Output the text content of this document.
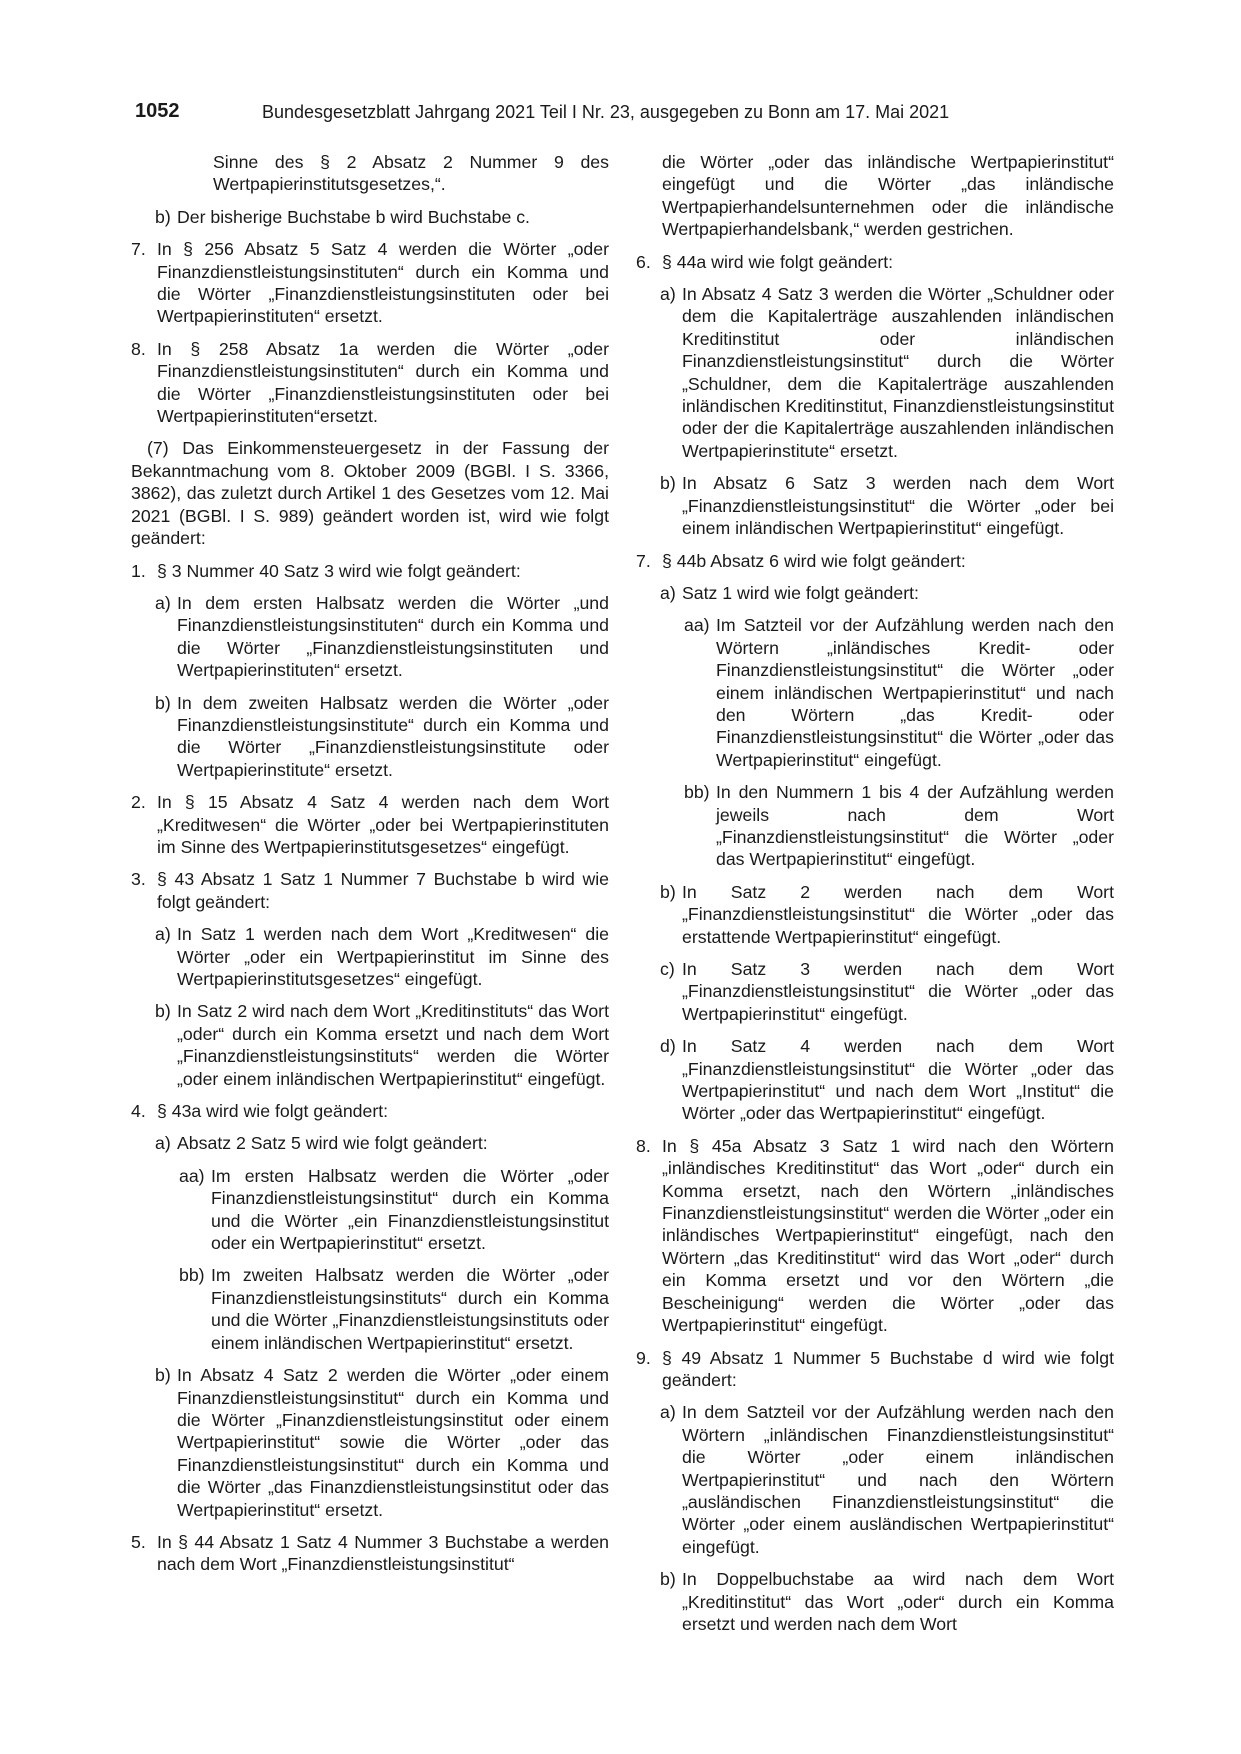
1052	Bundesgesetzblatt Jahrgang 2021 Teil I Nr. 23, ausgegeben zu Bonn am 17. Mai 2021
Sinne des § 2 Absatz 2 Nummer 9 des Wertpapierinstitutsgesetzes,“.
b) Der bisherige Buchstabe b wird Buchstabe c.
7. In § 256 Absatz 5 Satz 4 werden die Wörter „oder Finanzdienstleistungsinstituten“ durch ein Komma und die Wörter „Finanzdienstleistungsinstituten oder bei Wertpapierinstituten“ ersetzt.
8. In § 258 Absatz 1a werden die Wörter „oder Finanzdienstleistungsinstituten“ durch ein Komma und die Wörter „Finanzdienstleistungsinstituten oder bei Wertpapierinstituten“ersetzt.
(7) Das Einkommensteuergesetz in der Fassung der Bekanntmachung vom 8. Oktober 2009 (BGBl. I S. 3366, 3862), das zuletzt durch Artikel 1 des Gesetzes vom 12. Mai 2021 (BGBl. I S. 989) geändert worden ist, wird wie folgt geändert:
1. § 3 Nummer 40 Satz 3 wird wie folgt geändert:
a) In dem ersten Halbsatz werden die Wörter „und Finanzdienstleistungsinstituten“ durch ein Komma und die Wörter „Finanzdienstleistungsinstituten und Wertpapierinstituten“ ersetzt.
b) In dem zweiten Halbsatz werden die Wörter „oder Finanzdienstleistungsinstitute“ durch ein Komma und die Wörter „Finanzdienstleistungsinstitute oder Wertpapierinstitute“ ersetzt.
2. In § 15 Absatz 4 Satz 4 werden nach dem Wort „Kreditwesen“ die Wörter „oder bei Wertpapierinstituten im Sinne des Wertpapierinstitutsgesetzes“ eingefügt.
3. § 43 Absatz 1 Satz 1 Nummer 7 Buchstabe b wird wie folgt geändert:
a) In Satz 1 werden nach dem Wort „Kreditwesen“ die Wörter „oder ein Wertpapierinstitut im Sinne des Wertpapierinstitutsgesetzes“ eingefügt.
b) In Satz 2 wird nach dem Wort „Kreditinstituts“ das Wort „oder“ durch ein Komma ersetzt und nach dem Wort „Finanzdienstleistungsinstituts“ werden die Wörter „oder einem inländischen Wertpapierinstitut“ eingefügt.
4. § 43a wird wie folgt geändert:
a) Absatz 2 Satz 5 wird wie folgt geändert:
aa) Im ersten Halbsatz werden die Wörter „oder Finanzdienstleistungsinstitut“ durch ein Komma und die Wörter „ein Finanzdienstleistungsinstitut oder ein Wertpapierinstitut“ ersetzt.
bb) Im zweiten Halbsatz werden die Wörter „oder Finanzdienstleistungsinstituts“ durch ein Komma und die Wörter „Finanzdienstleistungsinstituts oder einem inländischen Wertpapierinstitut“ ersetzt.
b) In Absatz 4 Satz 2 werden die Wörter „oder einem Finanzdienstleistungsinstitut“ durch ein Komma und die Wörter „Finanzdienstleistungsinstitut oder einem Wertpapierinstitut“ sowie die Wörter „oder das Finanzdienstleistungsinstitut“ durch ein Komma und die Wörter „das Finanzdienstleistungsinstitut oder das Wertpapierinstitut“ ersetzt.
5. In § 44 Absatz 1 Satz 4 Nummer 3 Buchstabe a werden nach dem Wort „Finanzdienstleistungsinstitut“
die Wörter „oder das inländische Wertpapierinstitut“ eingefügt und die Wörter „das inländische Wertpapierhandelsunternehmen oder die inländische Wertpapierhandelsbank,“ werden gestrichen.
6. § 44a wird wie folgt geändert:
a) In Absatz 4 Satz 3 werden die Wörter „Schuldner oder dem die Kapitalerträge auszahlenden inländischen Kreditinstitut oder inländischen Finanzdienstleistungsinstitut“ durch die Wörter „Schuldner, dem die Kapitalerträge auszahlenden inländischen Kreditinstitut, Finanzdienstleistungsinstitut oder der die Kapitalerträge auszahlenden inländischen Wertpapierinstitute“ ersetzt.
b) In Absatz 6 Satz 3 werden nach dem Wort „Finanzdienstleistungsinstitut“ die Wörter „oder bei einem inländischen Wertpapierinstitut“ eingefügt.
7. § 44b Absatz 6 wird wie folgt geändert:
a) Satz 1 wird wie folgt geändert:
aa) Im Satzteil vor der Aufzählung werden nach den Wörtern „inländisches Kredit- oder Finanzdienstleistungsinstitut“ die Wörter „oder einem inländischen Wertpapierinstitut“ und nach den Wörtern „das Kredit- oder Finanzdienstleistungsinstitut“ die Wörter „oder das Wertpapierinstitut“ eingefügt.
bb) In den Nummern 1 bis 4 der Aufzählung werden jeweils nach dem Wort „Finanzdienstleistungsinstitut“ die Wörter „oder das Wertpapierinstitut“ eingefügt.
b) In Satz 2 werden nach dem Wort „Finanzdienstleistungsinstitut“ die Wörter „oder das erstattende Wertpapierinstitut“ eingefügt.
c) In Satz 3 werden nach dem Wort „Finanzdienstleistungsinstitut“ die Wörter „oder das Wertpapierinstitut“ eingefügt.
d) In Satz 4 werden nach dem Wort „Finanzdienstleistungsinstitut“ die Wörter „oder das Wertpapierinstitut“ und nach dem Wort „Institut“ die Wörter „oder das Wertpapierinstitut“ eingefügt.
8. In § 45a Absatz 3 Satz 1 wird nach den Wörtern „inländisches Kreditinstitut“ das Wort „oder“ durch ein Komma ersetzt, nach den Wörtern „inländisches Finanzdienstleistungsinstitut“ werden die Wörter „oder ein inländisches Wertpapierinstitut“ eingefügt, nach den Wörtern „das Kreditinstitut“ wird das Wort „oder“ durch ein Komma ersetzt und vor den Wörtern „die Bescheinigung“ werden die Wörter „oder das Wertpapierinstitut“ eingefügt.
9. § 49 Absatz 1 Nummer 5 Buchstabe d wird wie folgt geändert:
a) In dem Satzteil vor der Aufzählung werden nach den Wörtern „inländischen Finanzdienstleistungsinstitut“ die Wörter „oder einem inländischen Wertpapierinstitut“ und nach den Wörtern „ausländischen Finanzdienstleistungsinstitut“ die Wörter „oder einem ausländischen Wertpapierinstitut“ eingefügt.
b) In Doppelbuchstabe aa wird nach dem Wort „Kreditinstitut“ das Wort „oder“ durch ein Komma ersetzt und werden nach dem Wort
